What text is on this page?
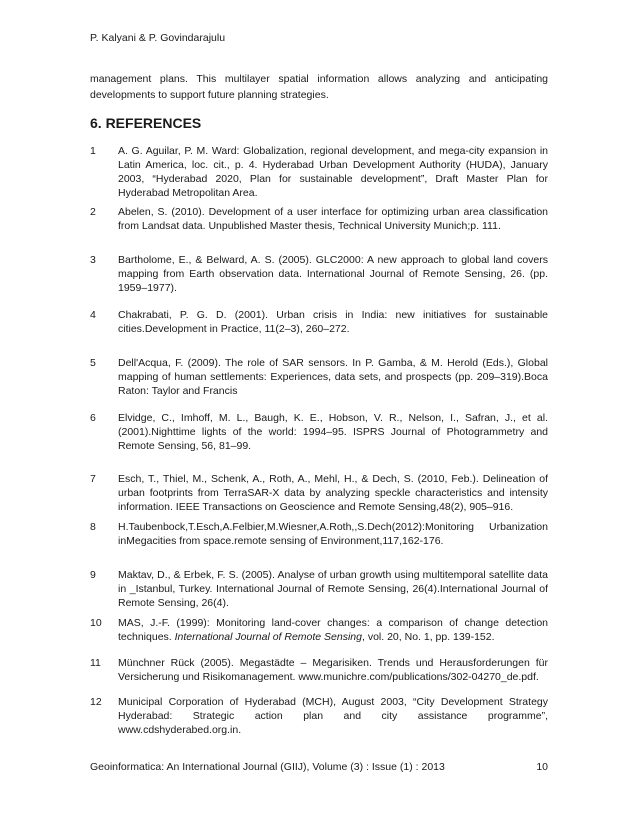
P. Kalyani & P. Govindarajulu

management plans. This multilayer spatial information allows analyzing and anticipating developments to support future planning strategies.

6. REFERENCES
1 A. G. Aguilar, P. M. Ward: Globalization, regional development, and mega-city expansion in Latin America, loc. cit., p. 4. Hyderabad Urban Development Authority (HUDA), January 2003, “Hyderabad 2020, Plan for sustainable development”, Draft Master Plan for Hyderabad Metropolitan Area.
2 Abelen, S. (2010). Development of a user interface for optimizing urban area classification from Landsat data. Unpublished Master thesis, Technical University Munich;p. 111.
3 Bartholome, E., & Belward, A. S. (2005). GLC2000: A new approach to global land covers mapping from Earth observation data. International Journal of Remote Sensing, 26. (pp. 1959–1977).
4 Chakrabati, P. G. D. (2001). Urban crisis in India: new initiatives for sustainable cities.Development in Practice, 11(2–3), 260–272.
5 Dell'Acqua, F. (2009). The role of SAR sensors. In P. Gamba, & M. Herold (Eds.), Global mapping of human settlements: Experiences, data sets, and prospects (pp. 209–319).Boca Raton: Taylor and Francis
6 Elvidge, C., Imhoff, M. L., Baugh, K. E., Hobson, V. R., Nelson, I., Safran, J., et al. (2001).Nighttime lights of the world: 1994–95. ISPRS Journal of Photogrammetry and Remote Sensing, 56, 81–99.
7 Esch, T., Thiel, M., Schenk, A., Roth, A., Mehl, H., & Dech, S. (2010, Feb.). Delineation of urban footprints from TerraSAR-X data by analyzing speckle characteristics and intensity information. IEEE Transactions on Geoscience and Remote Sensing,48(2), 905–916.
8 H.Taubenbock,T.Esch,A.Felbier,M.Wiesner,A.Roth,,S.Dech(2012):Monitoring Urbanization inMegacities from space.remote sensing of Environment,117,162-176.
9 Maktav, D., & Erbek, F. S. (2005). Analyse of urban growth using multitemporal satellite data in _Istanbul, Turkey. International Journal of Remote Sensing, 26(4).International Journal of Remote Sensing, 26(4).
10 MAS, J.-F. (1999): Monitoring land-cover changes: a comparison of change detection techniques. International Journal of Remote Sensing, vol. 20, No. 1, pp. 139-152.
11 Münchner Rück (2005). Megastädte – Megarisiken. Trends und Herausforderungen für Versicherung und Risikomanagement. www.munichre.com/publications/302-04270_de.pdf.
12 Municipal Corporation of Hyderabad (MCH), August 2003, “City Development Strategy Hyderabad: Strategic action plan and city assistance programme”, www.cdshyderabed.org.in.
Geoinformatica: An International Journal (GIIJ), Volume (3) : Issue (1) : 2013	10
